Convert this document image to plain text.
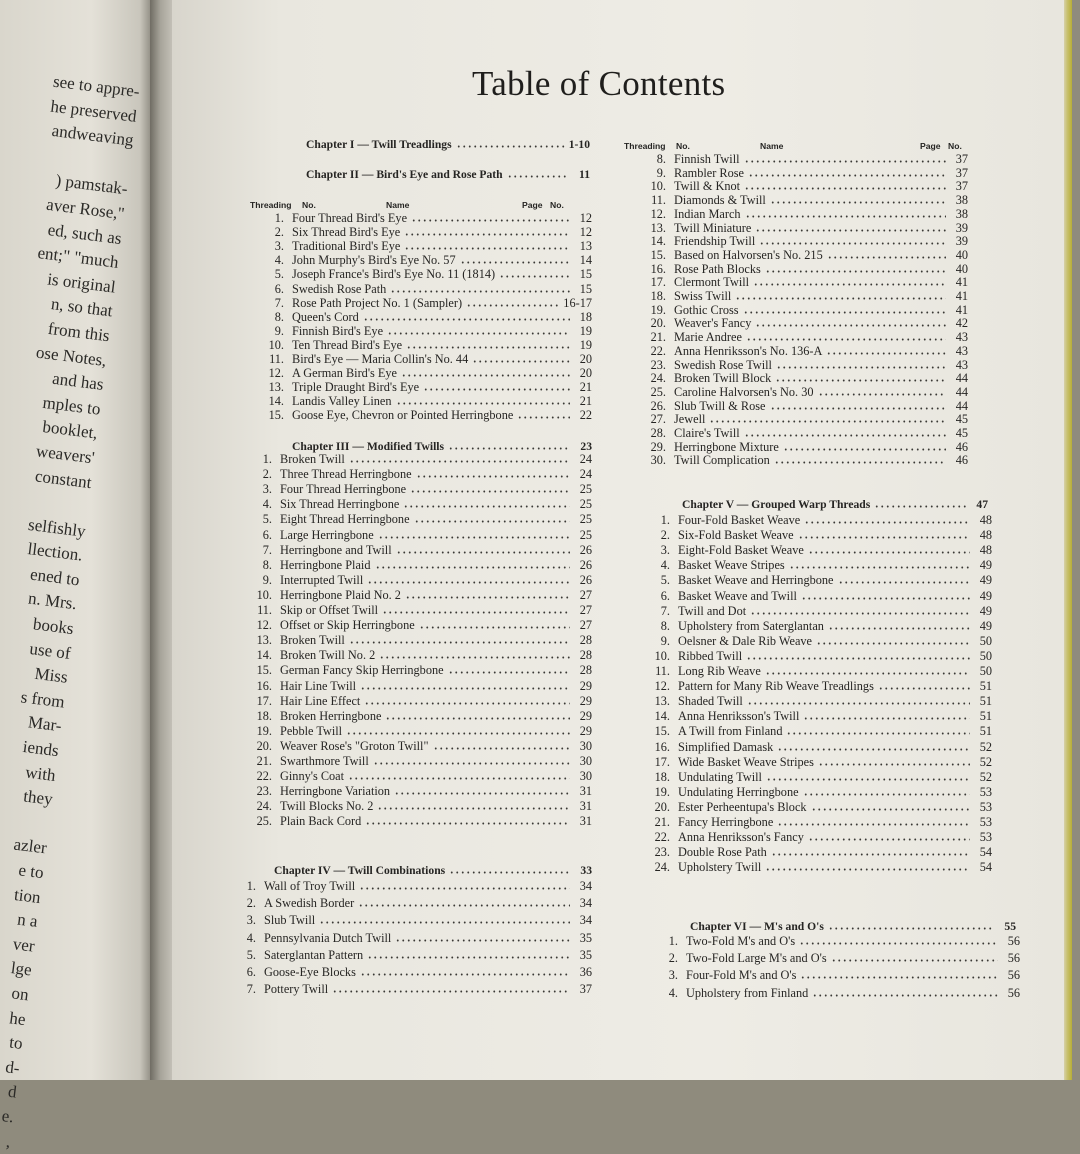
see to appre-
he preserved
andweaving

) pamstak-
aver Rose,"
ed, such as
ent;" "much
is original
n, so that
from this
ose Notes,
and has
mples to
booklet,
weavers'
constant

selfishly
llection.
ened to
n. Mrs.
books
use of
Miss
s from
Mar-
iends
with
they

azler
e to
tion
n a
ver
lge
on
he
to
d-
d
e.
,
Table of Contents
Chapter I — Twill Treadlings	1-10
Chapter II — Bird's Eye and Rose Path	11
Threading No.	Name	Page No.
1. Four Thread Bird's Eye	12
2. Six Thread Bird's Eye	12
3. Traditional Bird's Eye	13
4. John Murphy's Bird's Eye No. 57	14
5. Joseph France's Bird's Eye No. 11 (1814)	15
6. Swedish Rose Path	15
7. Rose Path Project No. 1 (Sampler)	16-17
8. Queen's Cord	18
9. Finnish Bird's Eye	19
10. Ten Thread Bird's Eye	19
11. Bird's Eye — Maria Collin's No. 44	20
12. A German Bird's Eye	20
13. Triple Draught Bird's Eye	21
14. Landis Valley Linen	21
15. Goose Eye, Chevron or Pointed Herringbone	22
Chapter III — Modified Twills	23
1. Broken Twill	24
2. Three Thread Herringbone	24
3. Four Thread Herringbone	25
4. Six Thread Herringbone	25
5. Eight Thread Herringbone	25
6. Large Herringbone	25
7. Herringbone and Twill	26
8. Herringbone Plaid	26
9. Interrupted Twill	26
10. Herringbone Plaid No. 2	27
11. Skip or Offset Twill	27
12. Offset or Skip Herringbone	27
13. Broken Twill	28
14. Broken Twill No. 2	28
15. German Fancy Skip Herringbone	28
16. Hair Line Twill	29
17. Hair Line Effect	29
18. Broken Herringbone	29
19. Pebble Twill	29
20. Weaver Rose's "Groton Twill"	30
21. Swarthmore Twill	30
22. Ginny's Coat	30
23. Herringbone Variation	31
24. Twill Blocks No. 2	31
25. Plain Back Cord	31
Chapter IV — Twill Combinations	33
1. Wall of Troy Twill	34
2. A Swedish Border	34
3. Slub Twill	34
4. Pennsylvania Dutch Twill	35
5. Saterglantan Pattern	35
6. Goose-Eye Blocks	36
7. Pottery Twill	37
Threading No.	Name	Page No.
8. Finnish Twill	37
9. Rambler Rose	37
10. Twill & Knot	37
11. Diamonds & Twill	38
12. Indian March	38
13. Twill Miniature	39
14. Friendship Twill	39
15. Based on Halvorsen's No. 215	40
16. Rose Path Blocks	40
17. Clermont Twill	41
18. Swiss Twill	41
19. Gothic Cross	41
20. Weaver's Fancy	42
21. Marie Andree	43
22. Anna Henriksson's No. 136-A	43
23. Swedish Rose Twill	43
24. Broken Twill Block	44
25. Caroline Halvorsen's No. 30	44
26. Slub Twill & Rose	44
27. Jewell	45
28. Claire's Twill	45
29. Herringbone Mixture	46
30. Twill Complication	46
Chapter V — Grouped Warp Threads	47
1. Four-Fold Basket Weave	48
2. Six-Fold Basket Weave	48
3. Eight-Fold Basket Weave	48
4. Basket Weave Stripes	49
5. Basket Weave and Herringbone	49
6. Basket Weave and Twill	49
7. Twill and Dot	49
8. Upholstery from Saterglantan	49
9. Oelsner & Dale Rib Weave	50
10. Ribbed Twill	50
11. Long Rib Weave	50
12. Pattern for Many Rib Weave Treadlings	51
13. Shaded Twill	51
14. Anna Henriksson's Twill	51
15. A Twill from Finland	51
16. Simplified Damask	52
17. Wide Basket Weave Stripes	52
18. Undulating Twill	52
19. Undulating Herringbone	53
20. Ester Perheentupa's Block	53
21. Fancy Herringbone	53
22. Anna Henriksson's Fancy	53
23. Double Rose Path	54
24. Upholstery Twill	54
Chapter VI — M's and O's	55
1. Two-Fold M's and O's	56
2. Two-Fold Large M's and O's	56
3. Four-Fold M's and O's	56
4. Upholstery from Finland	56
